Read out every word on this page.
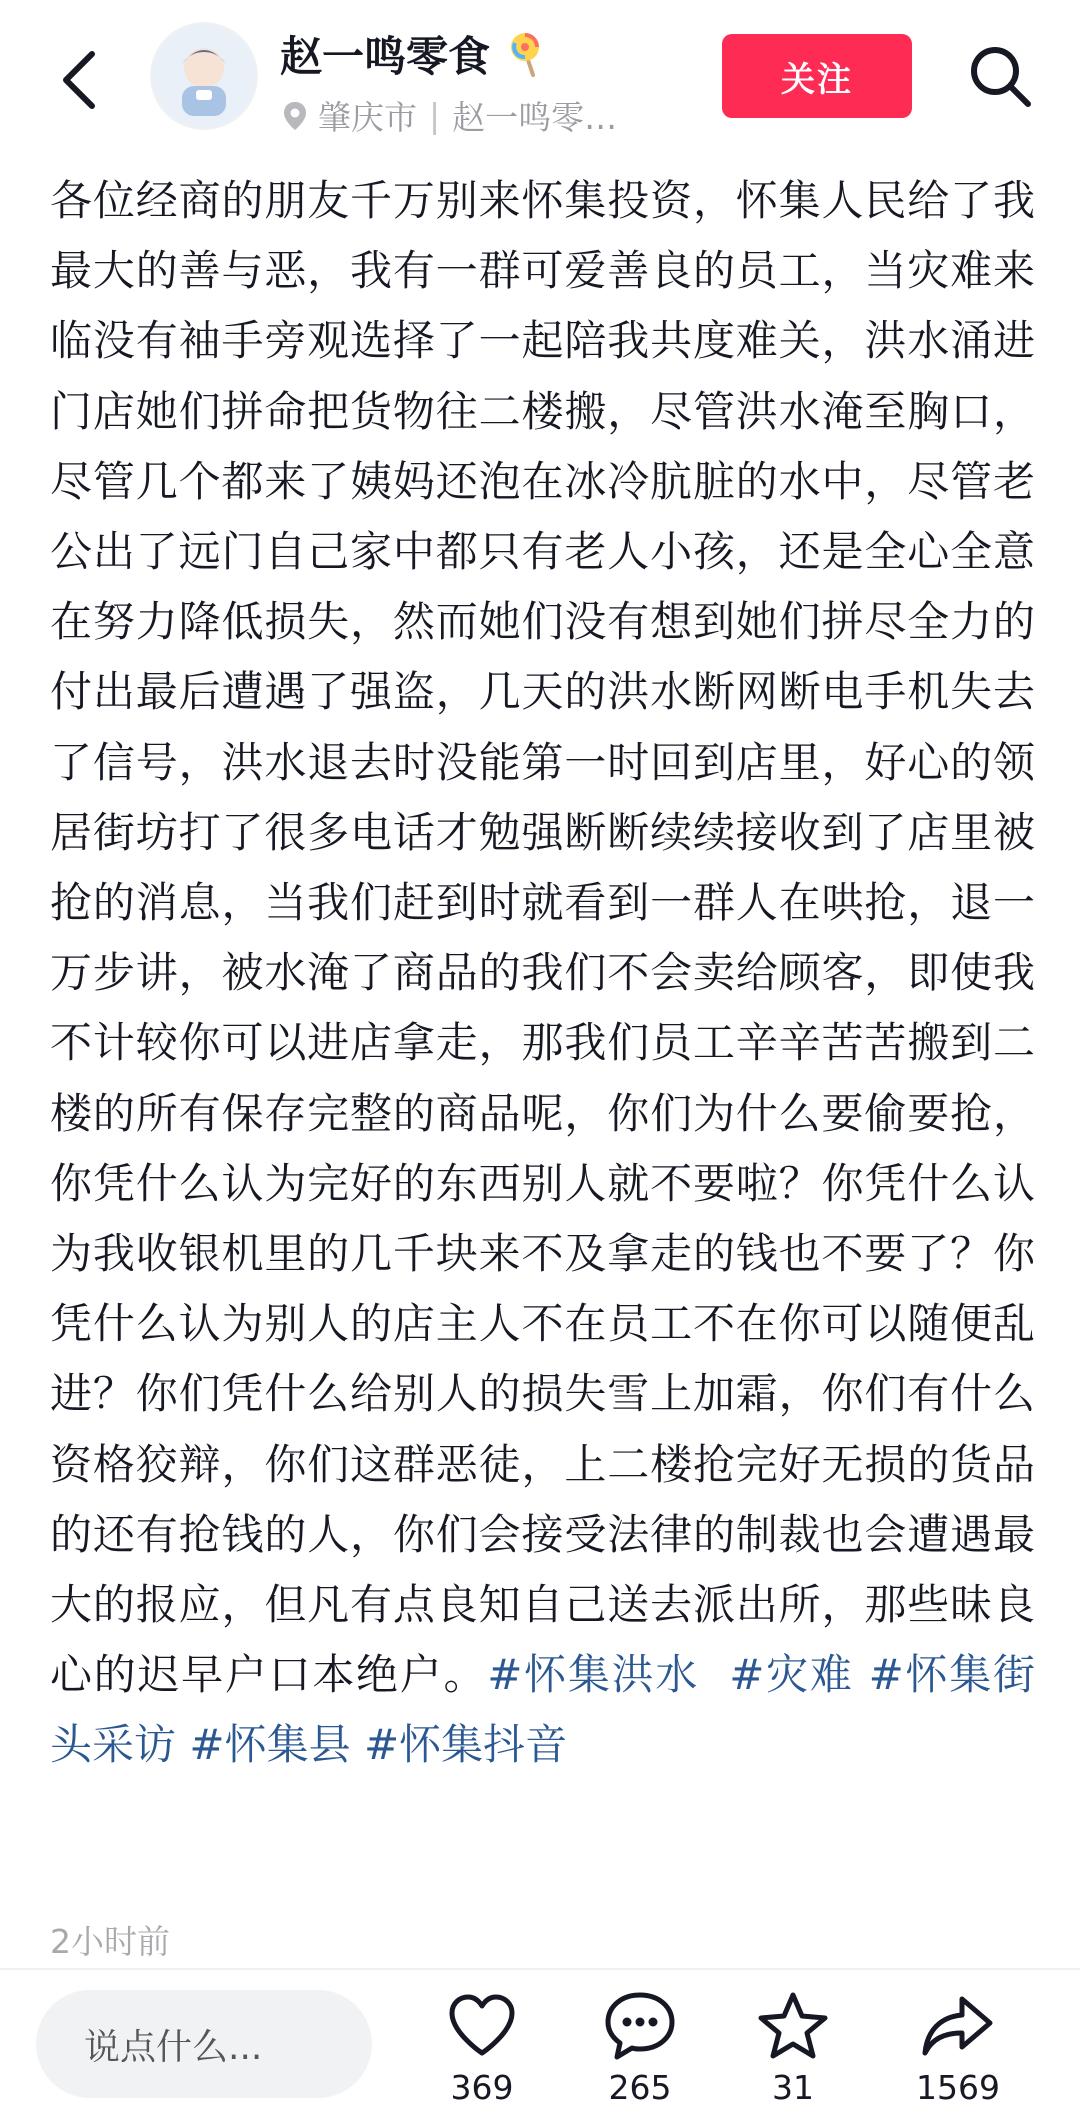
赵一鸣零食
肇庆市 | 赵一鸣零…
关注

各位经商的朋友千万别来怀集投资，怀集人民给了我最大的善与恶，我有一群可爱善良的员工，当灾难来临没有袖手旁观选择了一起陪我共度难关，洪水涌进门店她们拼命把货物往二楼搬，尽管洪水淹至胸口，尽管几个都来了姨妈还泡在冰冷肮脏的水中，尽管老公出了远门自己家中都只有老人小孩，还是全心全意在努力降低损失，然而她们没有想到她们拼尽全力的付出最后遭遇了强盗，几天的洪水断网断电手机失去了信号，洪水退去时没能第一时回到店里，好心的领居街坊打了很多电话才勉强断断续续接收到了店里被抢的消息，当我们赶到时就看到一群人在哄抢，退一万步讲，被水淹了商品的我们不会卖给顾客，即使我不计较你可以进店拿走，那我们员工辛辛苦苦搬到二楼的所有保存完整的商品呢，你们为什么要偷要抢，你凭什么认为完好的东西别人就不要啦？你凭什么认为我收银机里的几千块来不及拿走的钱也不要了？你凭什么认为别人的店主人不在员工不在你可以随便乱进？你们凭什么给别人的损失雪上加霜，你们有什么资格狡辩，你们这群恶徒，上二楼抢完好无损的货品的还有抢钱的人，你们会接受法律的制裁也会遭遇最大的报应，但凡有点良知自己送去派出所，那些昧良心的迟早户口本绝户。#怀集洪水 #灾难 #怀集街头采访 #怀集县 #怀集抖音

2小时前
说点什么...
369	265	31	1569
